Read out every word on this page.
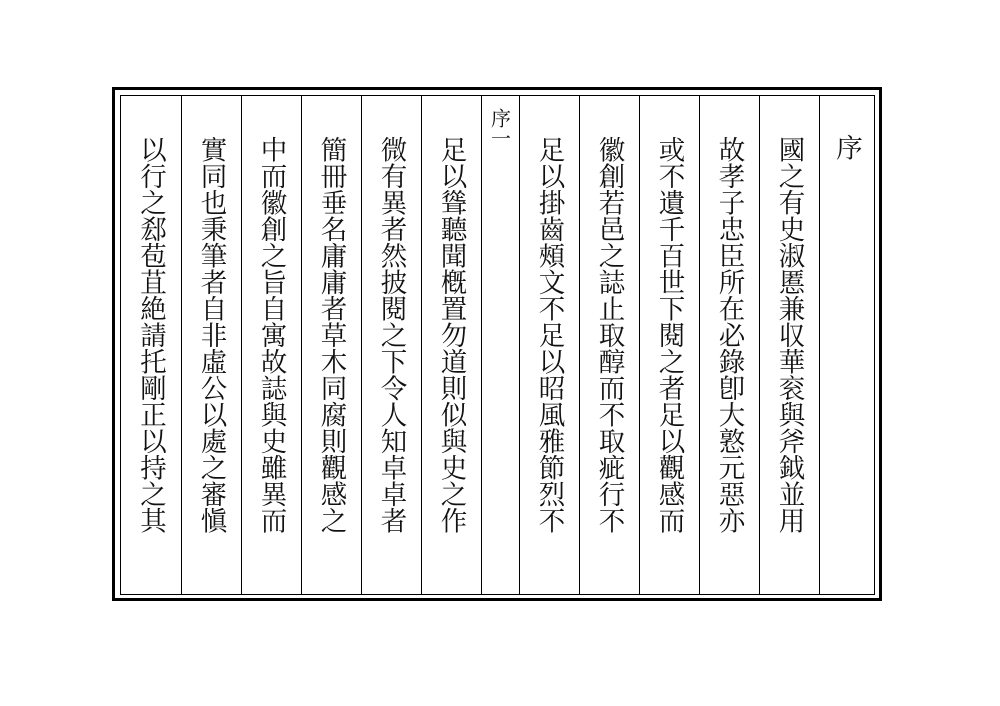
以行之郄苞苴絶請托剛正以持之其 實同也秉筆者自非虛公以處之審愼 中而徽創之旨自寓故誌與史雖異而 簡冊垂名庸庸者草木同腐則觀感之 微有異者然披閱之下令人知卓卓者 足以聳聽聞槪置勿道則似與史之作
序一
足以掛齒頰文不足以昭風雅節烈不 徽創若邑之誌止取醇而不取疵行不 或不遺千百世下閱之者足以觀感而 故孝子忠臣所在必錄卽大憝元惡亦 國之有史淑慝兼収華衮與斧鉞並用 序
